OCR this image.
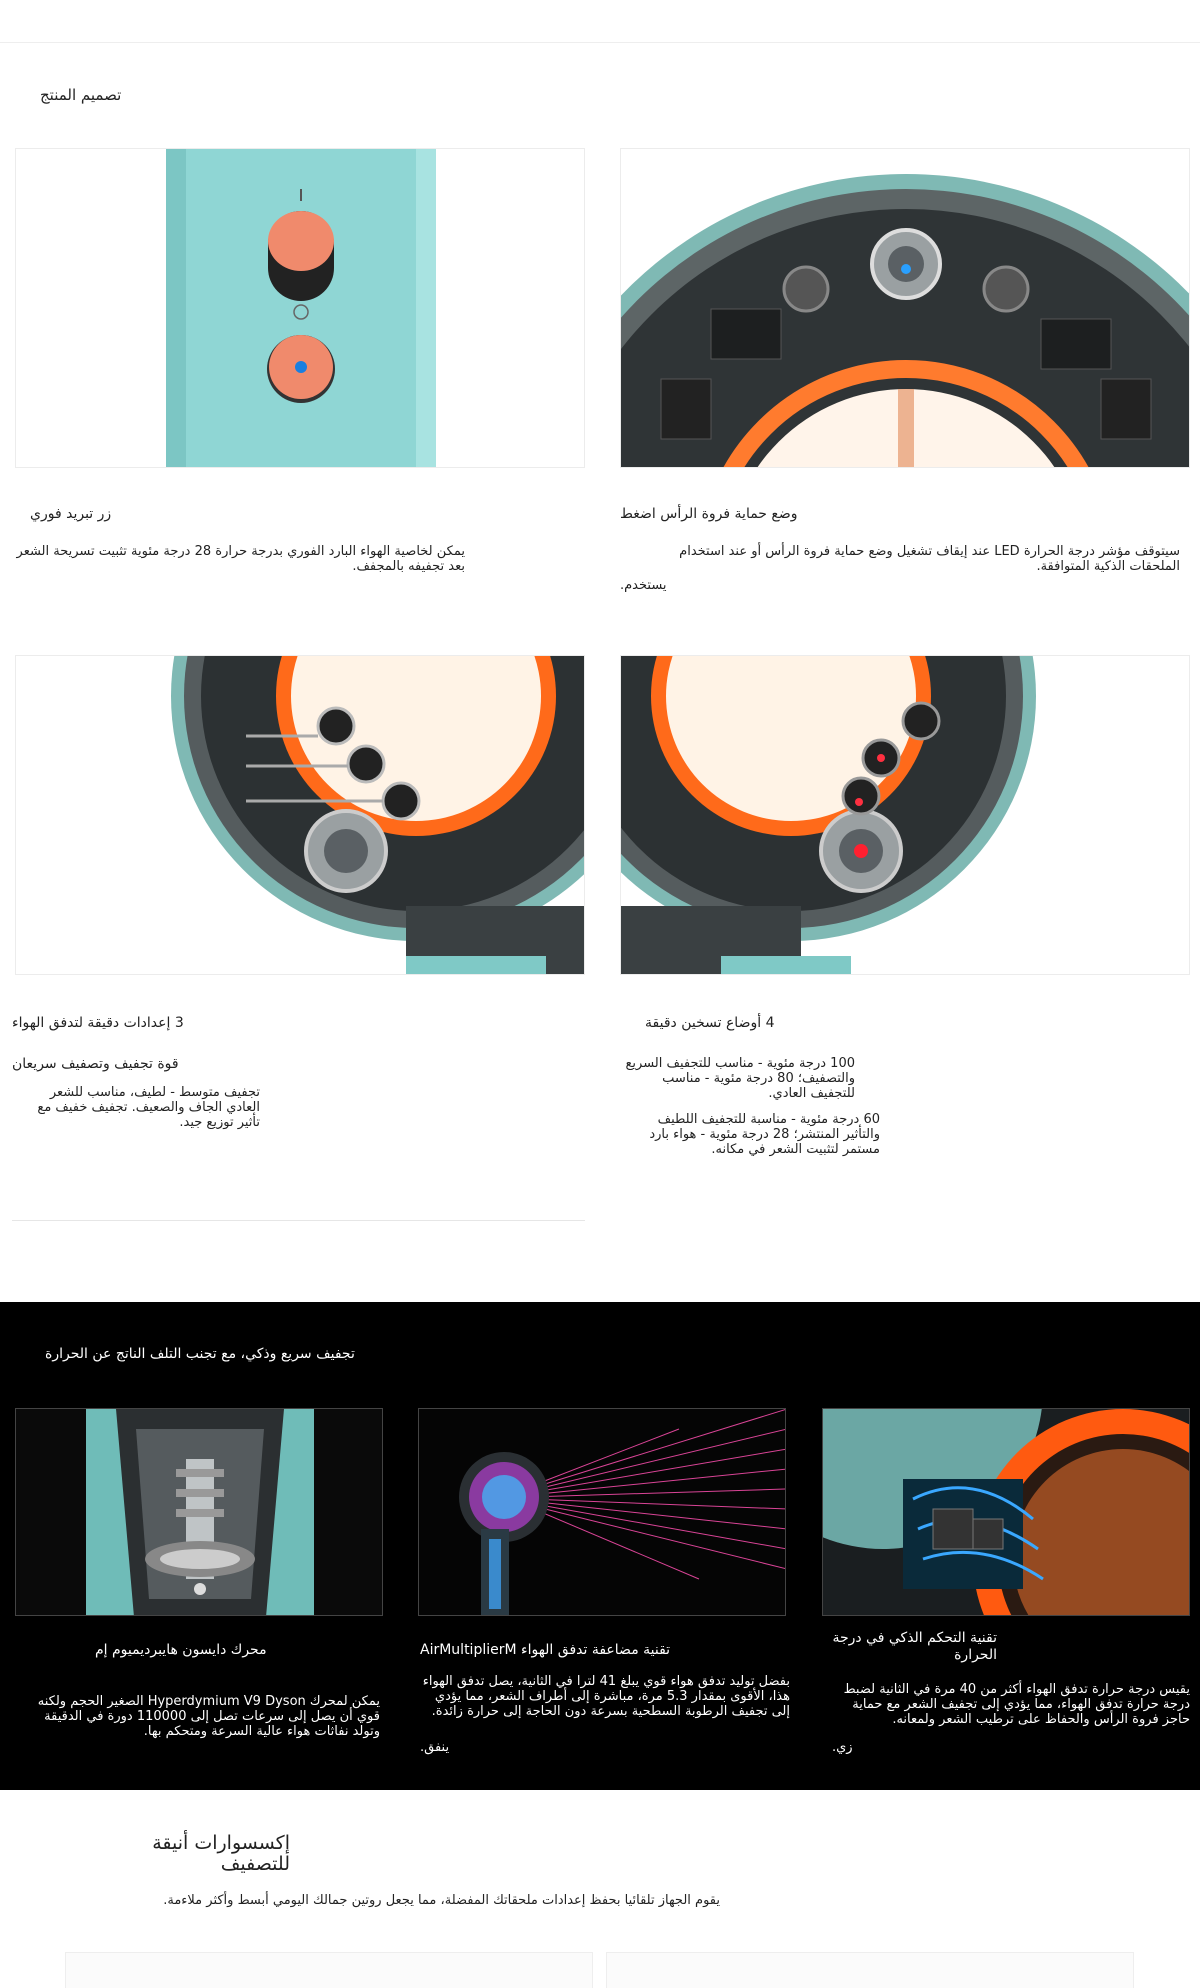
تصميم المنتج
وضع حماية فروة الرأس اضغط
سيتوقف مؤشر درجة الحرارة LED عند إيقاف تشغيل وضع حماية فروة الرأس أو عند استخدام الملحقات الذكية المتوافقة.
يستخدم.
زر تبريد فوري
يمكن لخاصية الهواء البارد الفوري بدرجة حرارة 28 درجة مئوية تثبيت تسريحة الشعر بعد تجفيفه بالمجفف.
4 أوضاع تسخين دقيقة
100 درجة مئوية - مناسب للتجفيف السريع والتصفيف؛ 80 درجة مئوية - مناسب للتجفيف العادي.
60 درجة مئوية - مناسبة للتجفيف اللطيف والتأثير المنتشر؛ 28 درجة مئوية - هواء بارد مستمر لتثبيت الشعر في مكانه.
3 إعدادات دقيقة لتدفق الهواء
قوة تجفيف وتصفيف سريعان
تجفيف متوسط - لطيف، مناسب للشعر العادي الجاف والصعيف. تجفيف خفيف مع تأثير توزيع جيد.
تجفيف سريع وذكي، مع تجنب التلف الناتج عن الحرارة
تقنية التحكم الذكي في درجة الحرارة
يقيس درجة حرارة تدفق الهواء أكثر من 40 مرة في الثانية لضبط درجة حرارة تدفق الهواء، مما يؤدي إلى تجفيف الشعر مع حماية حاجز فروة الرأس والحفاظ على ترطيب الشعر ولمعانه.
زي.
تقنية مضاعفة تدفق الهواء AirMultiplierM
بفضل توليد تدفق هواء قوي يبلغ 41 لترا في الثانية، يصل تدفق الهواء هذا، الأقوى بمقدار 5.3 مرة، مباشرة إلى أطراف الشعر، مما يؤدي إلى تجفيف الرطوبة السطحية بسرعة دون الحاجة إلى حرارة زائدة.
ينفق.
محرك دايسون هايبرديميوم إم
يمكن لمحرك Hyperdymium V9 Dyson الصغير الحجم ولكنه قوي أن يصل إلى سرعات تصل إلى 110000 دورة في الدقيقة وتولد نفاثات هواء عالية السرعة ومتحكم بها.
إكسسوارات أنيقة
للتصفيف
يقوم الجهاز تلقائيا بحفظ إعدادات ملحقاتك المفضلة، مما يجعل روتين جمالك اليومي أبسط وأكثر ملاءمة.
